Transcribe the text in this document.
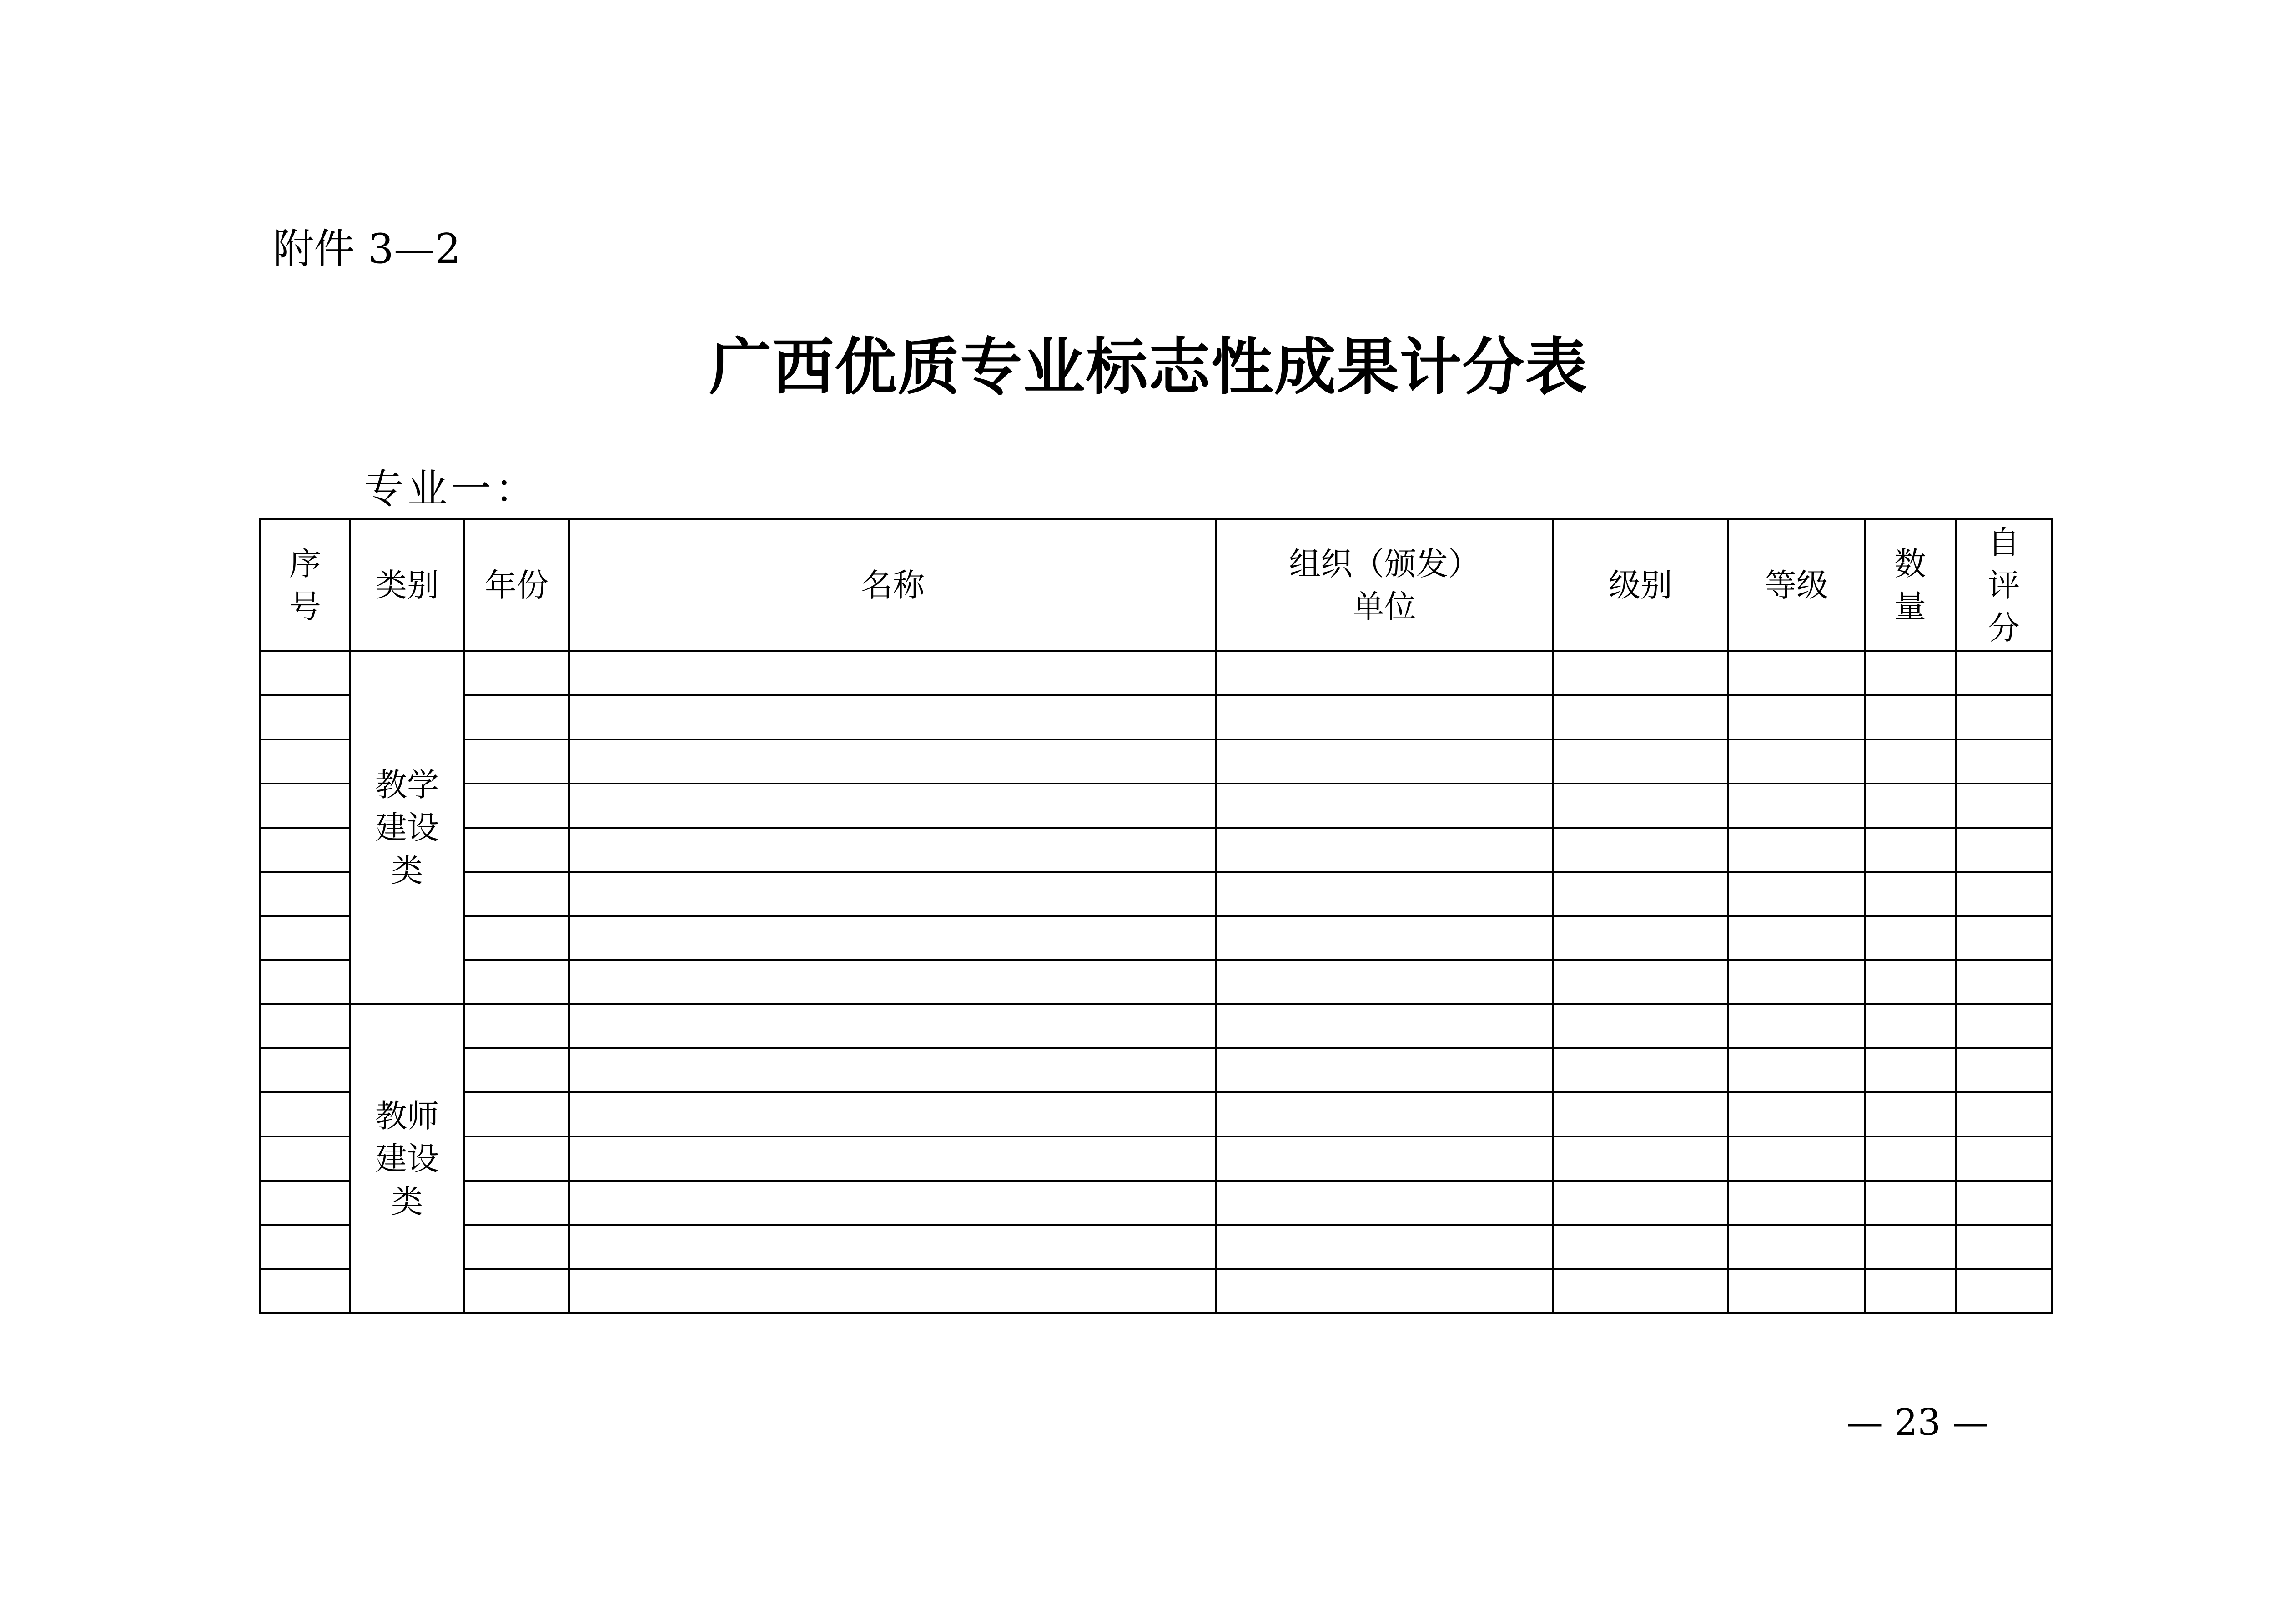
附件 3—2
广西优质专业标志性成果计分表
专业一：
序号	类别	年份	名称	组织（颁发）单位	级别	等级	数量	自评分
	教学建设类							

	教师建设类							

— 23 —
